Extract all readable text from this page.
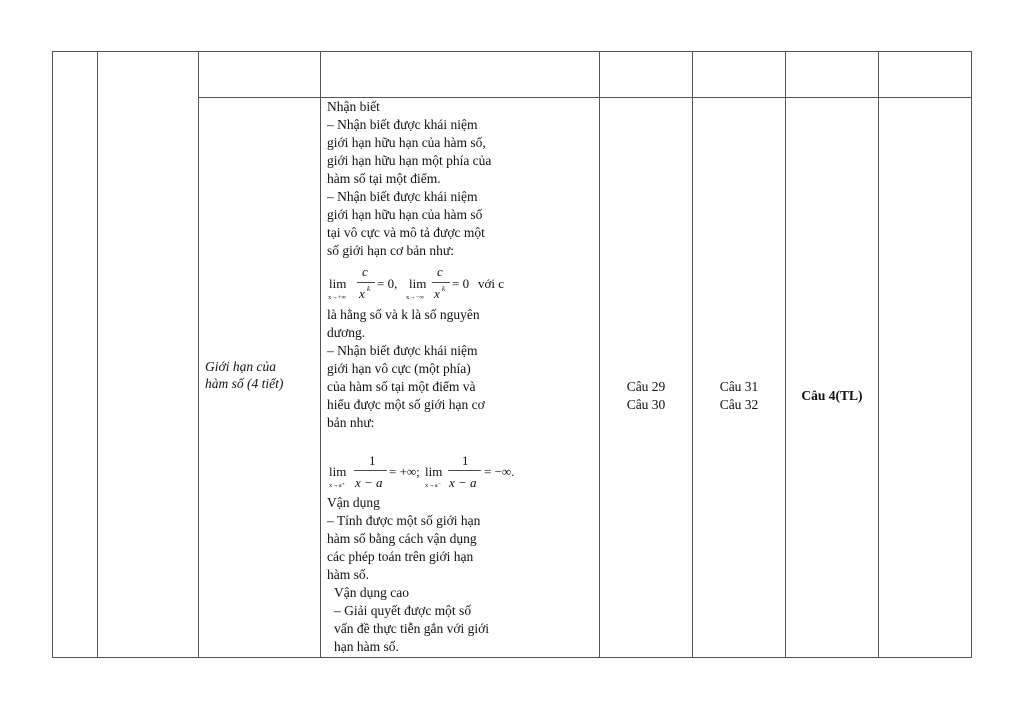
Giới hạn của
hàm số (4 tiết)
Nhận biết
– Nhận biết được khái niệm
giới hạn hữu hạn của hàm số,
giới hạn hữu hạn một phía của
hàm số tại một điểm.
– Nhận biết được khái niệm
giới hạn hữu hạn của hàm số
tại vô cực và mô tả được một
số giới hạn cơ bản như:
lim
x→+∞
c
x k = 0, lim
x→−∞
c
x k = 0 với c
là hằng số và k là số nguyên
dương.
– Nhận biết được khái niệm
giới hạn vô cực (một phía)
của hàm số tại một điểm và
hiểu được một số giới hạn cơ
bản như:
lim
x→a⁺
1
x − a
= +∞; lim
x→a⁻
1
x − a
= −∞.
Vận dụng
– Tính được một số giới hạn
hàm số bằng cách vận dụng
các phép toán trên giới hạn
hàm số.
Vận dụng cao
– Giải quyết được một số
vấn đề thực tiễn gắn với giới
hạn hàm số.
Câu 29
Câu 30
Câu 31
Câu 32
Câu 4(TL)
